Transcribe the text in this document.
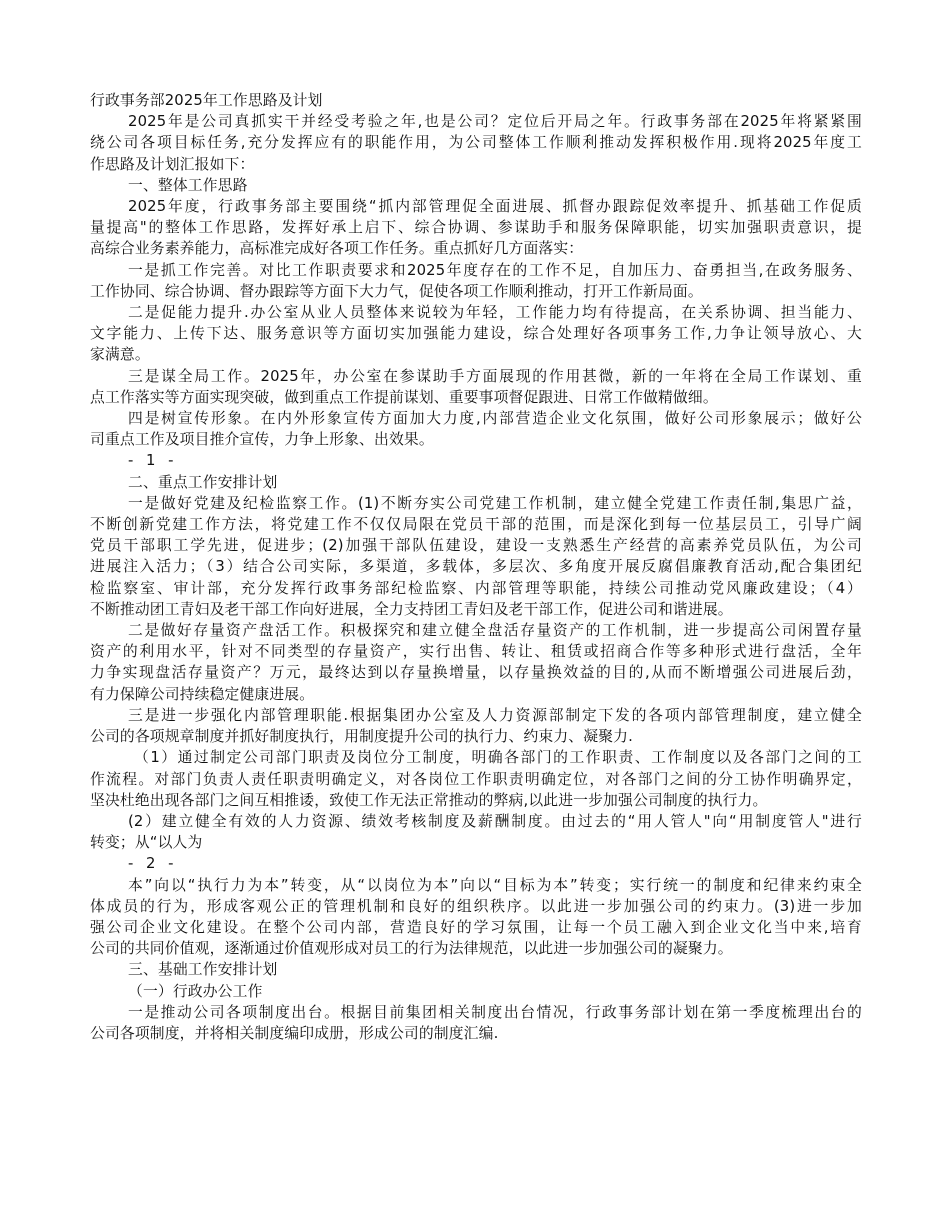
行政事务部2025年工作思路及计划

2025年是公司真抓实干并经受考验之年,也是公司？定位后开局之年。行政事务部在2025年将紧紧围

绕公司各项目标任务,充分发挥应有的职能作用，为公司整体工作顺利推动发挥积极作用.现将2025年度工

作思路及计划汇报如下：

一、整体工作思路

2025年度，行政事务部主要围绕“抓内部管理促全面进展、抓督办跟踪促效率提升、抓基础工作促质

量提高"的整体工作思路，发挥好承上启下、综合协调、参谋助手和服务保障职能，切实加强职责意识，提

高综合业务素养能力，高标准完成好各项工作任务。重点抓好几方面落实：

一是抓工作完善。对比工作职责要求和2025年度存在的工作不足，自加压力、奋勇担当,在政务服务、

工作协同、综合协调、督办跟踪等方面下大力气，促使各项工作顺利推动，打开工作新局面。

二是促能力提升.办公室从业人员整体来说较为年轻，工作能力均有待提高，在关系协调、担当能力、

文字能力、上传下达、服务意识等方面切实加强能力建设，综合处理好各项事务工作,力争让领导放心、大

家满意。

三是谋全局工作。2025年，办公室在参谋助手方面展现的作用甚微，新的一年将在全局工作谋划、重

点工作落实等方面实现突破，做到重点工作提前谋划、重要事项督促跟进、日常工作做精做细。

四是树宣传形象。在内外形象宣传方面加大力度,内部营造企业文化氛围，做好公司形象展示；做好公

司重点工作及项目推介宣传，力争上形象、出效果。

- 1 -

二、重点工作安排计划

一是做好党建及纪检监察工作。(1)不断夯实公司党建工作机制，建立健全党建工作责任制,集思广益，

不断创新党建工作方法，将党建工作不仅仅局限在党员干部的范围，而是深化到每一位基层员工，引导广阔

党员干部职工学先进，促进步；(2)加强干部队伍建设，建设一支熟悉生产经营的高素养党员队伍，为公司

进展注入活力；（3）结合公司实际，多渠道，多载体，多层次、多角度开展反腐倡廉教育活动,配合集团纪

检监察室、审计部，充分发挥行政事务部纪检监察、内部管理等职能，持续公司推动党风廉政建设；（4）

不断推动团工青妇及老干部工作向好进展，全力支持团工青妇及老干部工作，促进公司和谐进展。

二是做好存量资产盘活工作。积极探究和建立健全盘活存量资产的工作机制，进一步提高公司闲置存量

资产的利用水平，针对不同类型的存量资产，实行出售、转让、租赁或招商合作等多种形式进行盘活，全年

力争实现盘活存量资产？万元，最终达到以存量换增量，以存量换效益的目的,从而不断增强公司进展后劲，

有力保障公司持续稳定健康进展。

三是进一步强化内部管理职能.根据集团办公室及人力资源部制定下发的各项内部管理制度，建立健全

公司的各项规章制度并抓好制度执行，用制度提升公司的执行力、约束力、凝聚力.

（1）通过制定公司部门职责及岗位分工制度，明确各部门的工作职责、工作制度以及各部门之间的工

作流程。对部门负责人责任职责明确定义，对各岗位工作职责明确定位，对各部门之间的分工协作明确界定，

坚决杜绝出现各部门之间互相推诿，致使工作无法正常推动的弊病,以此进一步加强公司制度的执行力。

(2）建立健全有效的人力资源、绩效考核制度及薪酬制度。由过去的“用人管人"向“用制度管人"进行

转变；从“以人为

- 2 -

本”向以“执行力为本”转变，从“以岗位为本”向以“目标为本”转变；实行统一的制度和纪律来约束全

体成员的行为，形成客观公正的管理机制和良好的组织秩序。以此进一步加强公司的约束力。(3)进一步加

强公司企业文化建设。在整个公司内部，营造良好的学习氛围，让每一个员工融入到企业文化当中来,培育

公司的共同价值观，逐渐通过价值观形成对员工的行为法律规范，以此进一步加强公司的凝聚力。

三、基础工作安排计划

（一）行政办公工作

一是推动公司各项制度出台。根据目前集团相关制度出台情况，行政事务部计划在第一季度梳理出台的

公司各项制度，并将相关制度编印成册，形成公司的制度汇编.
